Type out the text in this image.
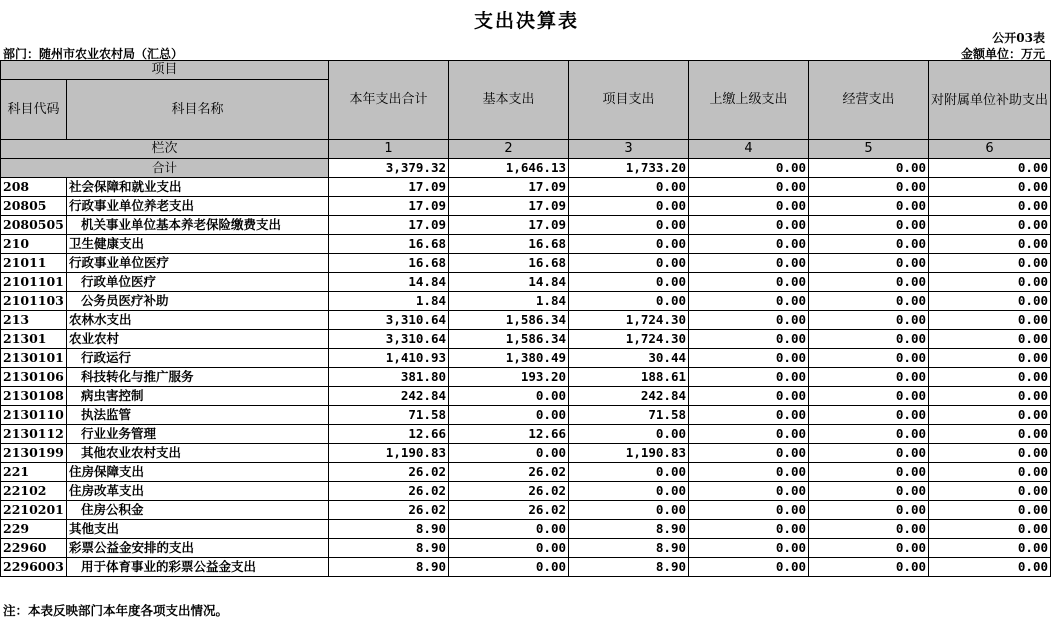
支出决算表
公开03表
部门：随州市农业农村局（汇总）	金额单位：万元
项目		本年支出合计	基本支出	项目支出	上缴上级支出	经营支出	对附属单位补助支出
科目代码	科目名称						
栏次		1	2	3	4	5	6
合计		3,379.32	1,646.13	1,733.20	0.00	0.00	0.00
208	社会保障和就业支出	17.09	17.09	0.00	0.00	0.00	0.00
20805	行政事业单位养老支出	17.09	17.09	0.00	0.00	0.00	0.00
2080505	机关事业单位基本养老保险缴费支出	17.09	17.09	0.00	0.00	0.00	0.00
210	卫生健康支出	16.68	16.68	0.00	0.00	0.00	0.00
21011	行政事业单位医疗	16.68	16.68	0.00	0.00	0.00	0.00
2101101	行政单位医疗	14.84	14.84	0.00	0.00	0.00	0.00
2101103	公务员医疗补助	1.84	1.84	0.00	0.00	0.00	0.00
213	农林水支出	3,310.64	1,586.34	1,724.30	0.00	0.00	0.00
21301	农业农村	3,310.64	1,586.34	1,724.30	0.00	0.00	0.00
2130101	行政运行	1,410.93	1,380.49	30.44	0.00	0.00	0.00
2130106	科技转化与推广服务	381.80	193.20	188.61	0.00	0.00	0.00
2130108	病虫害控制	242.84	0.00	242.84	0.00	0.00	0.00
2130110	执法监管	71.58	0.00	71.58	0.00	0.00	0.00
2130112	行业业务管理	12.66	12.66	0.00	0.00	0.00	0.00
2130199	其他农业农村支出	1,190.83	0.00	1,190.83	0.00	0.00	0.00
221	住房保障支出	26.02	26.02	0.00	0.00	0.00	0.00
22102	住房改革支出	26.02	26.02	0.00	0.00	0.00	0.00
2210201	住房公积金	26.02	26.02	0.00	0.00	0.00	0.00
229	其他支出	8.90	0.00	8.90	0.00	0.00	0.00
22960	彩票公益金安排的支出	8.90	0.00	8.90	0.00	0.00	0.00
2296003	用于体育事业的彩票公益金支出	8.90	0.00	8.90	0.00	0.00	0.00
注：本表反映部门本年度各项支出情况。
